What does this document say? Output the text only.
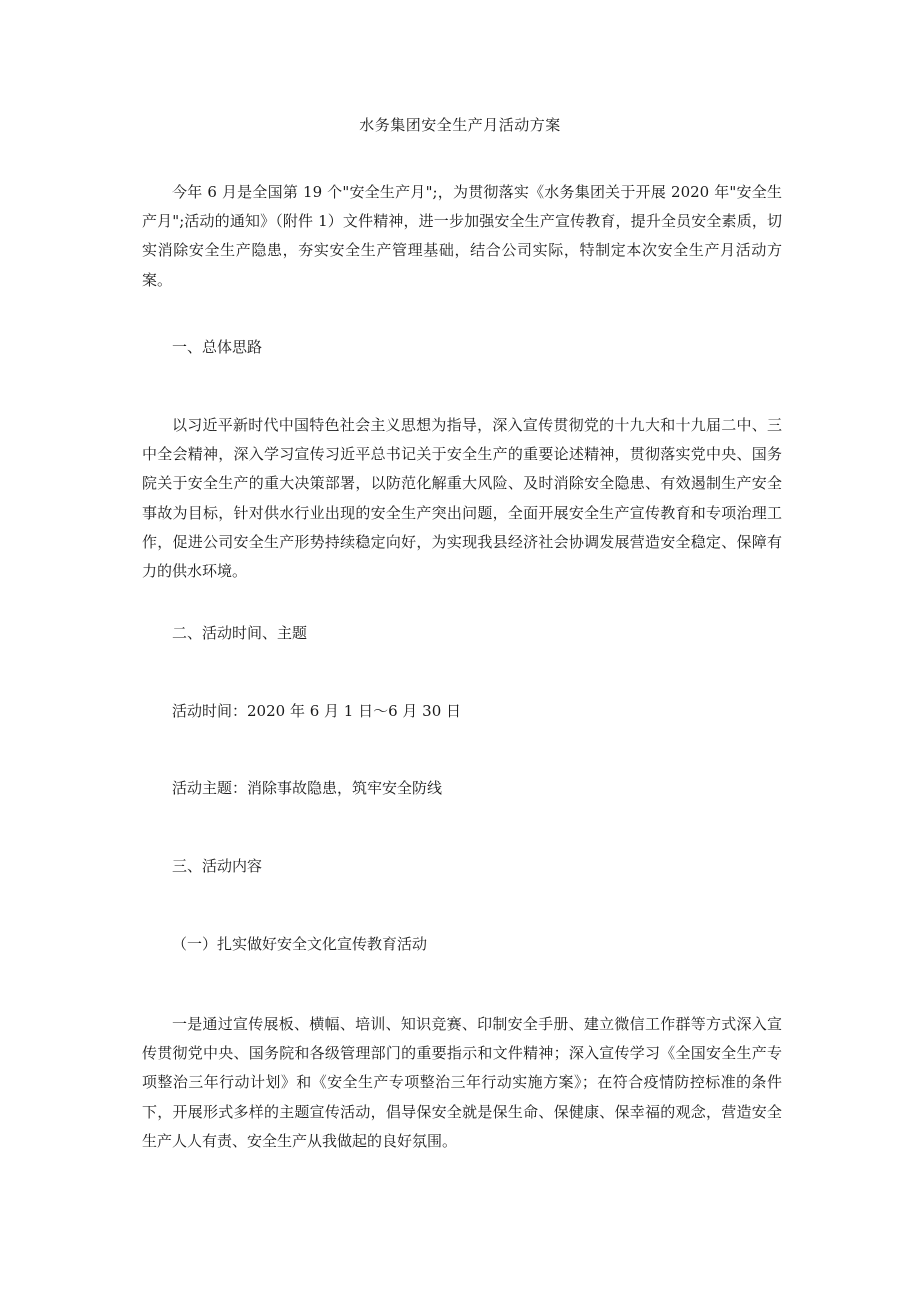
水务集团安全生产月活动方案

今年 6 月是全国第 19 个"安全生产月";，为贯彻落实《水务集团关于开展 2020 年"安全生产月";活动的通知》（附件 1）文件精神，进一步加强安全生产宣传教育，提升全员安全素质，切实消除安全生产隐患，夯实安全生产管理基础，结合公司实际，特制定本次安全生产月活动方案。

一、总体思路

以习近平新时代中国特色社会主义思想为指导，深入宣传贯彻党的十九大和十九届二中、三中全会精神，深入学习宣传习近平总书记关于安全生产的重要论述精神，贯彻落实党中央、国务院关于安全生产的重大决策部署，以防范化解重大风险、及时消除安全隐患、有效遏制生产安全事故为目标，针对供水行业出现的安全生产突出问题，全面开展安全生产宣传教育和专项治理工作，促进公司安全生产形势持续稳定向好，为实现我县经济社会协调发展营造安全稳定、保障有力的供水环境。

二、活动时间、主题

活动时间：2020 年 6 月 1 日～6 月 30 日

活动主题：消除事故隐患，筑牢安全防线

三、活动内容

（一）扎实做好安全文化宣传教育活动

一是通过宣传展板、横幅、培训、知识竞赛、印制安全手册、建立微信工作群等方式深入宣传贯彻党中央、国务院和各级管理部门的重要指示和文件精神；深入宣传学习《全国安全生产专项整治三年行动计划》和《安全生产专项整治三年行动实施方案》；在符合疫情防控标准的条件下，开展形式多样的主题宣传活动，倡导保安全就是保生命、保健康、保幸福的观念，营造安全生产人人有责、安全生产从我做起的良好氛围。
